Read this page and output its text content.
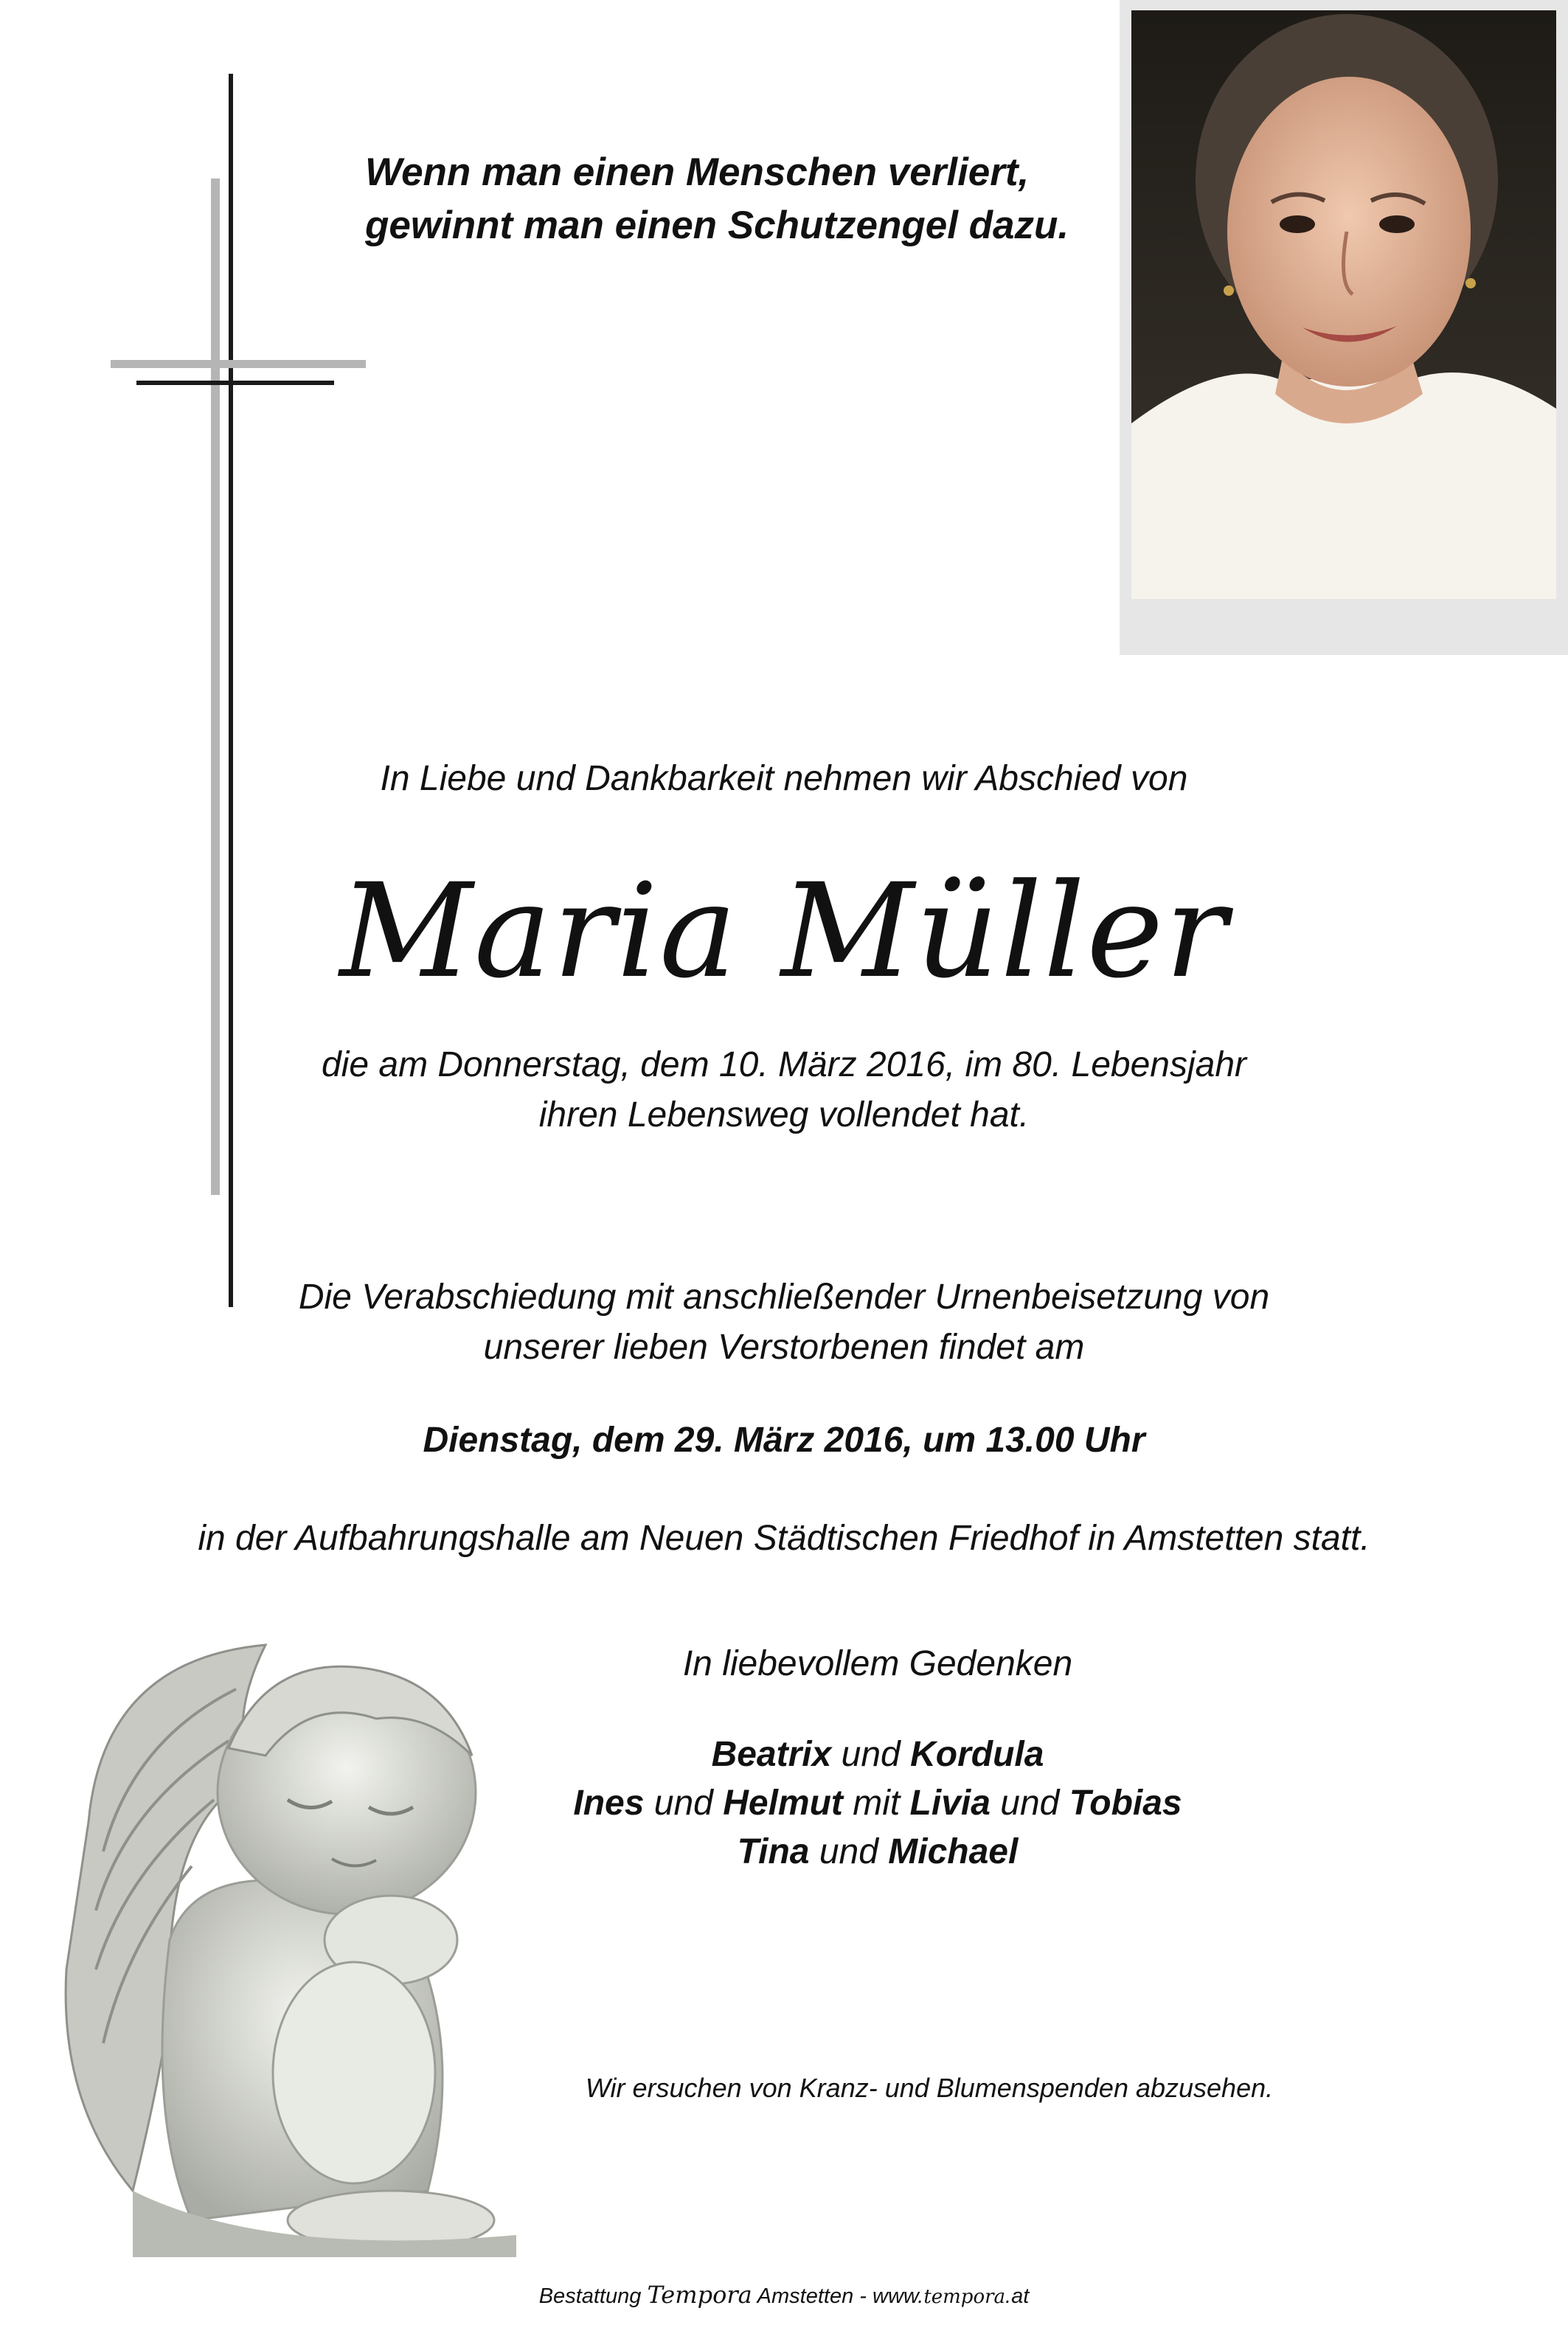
Wenn man einen Menschen verliert,
gewinnt man einen Schutzengel dazu.
In Liebe und Dankbarkeit nehmen wir Abschied von
Maria Müller
die am Donnerstag, dem 10. März 2016, im 80. Lebensjahr
ihren Lebensweg vollendet hat.
Die Verabschiedung mit anschließender Urnenbeisetzung von
unserer lieben Verstorbenen findet am
Dienstag, dem 29. März 2016, um 13.00 Uhr
in der Aufbahrungshalle am Neuen Städtischen Friedhof in Amstetten statt.
In liebevollem Gedenken
Beatrix und Kordula
Ines und Helmut mit Livia und Tobias
Tina und Michael
Wir ersuchen von Kranz- und Blumenspenden abzusehen.
Bestattung Tempora Amstetten - www.tempora.at
